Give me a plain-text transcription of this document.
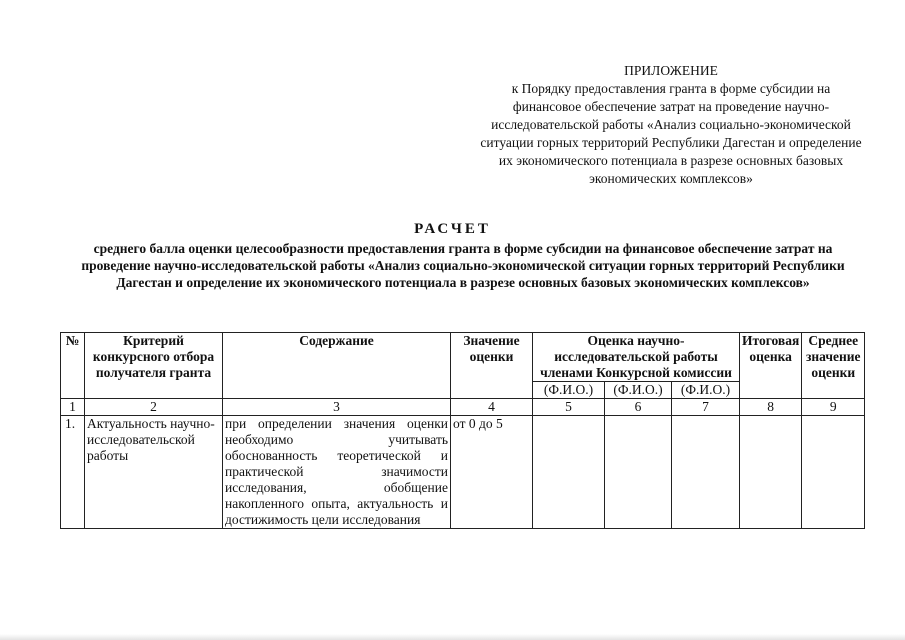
ПРИЛОЖЕНИЕ
к Порядку предоставления гранта в форме субсидии на финансовое обеспечение затрат на проведение научно-исследовательской работы «Анализ социально-экономической ситуации горных территорий Республики Дагестан и определение их экономического потенциала в разрезе основных базовых экономических комплексов»
РАСЧЕТ
среднего балла оценки целесообразности предоставления гранта в форме субсидии на финансовое обеспечение затрат на проведение научно-исследовательской работы «Анализ социально-экономической ситуации горных территорий Республики Дагестан и определение их экономического потенциала в разрезе основных базовых экономических комплексов»
№	Критерий конкурсного отбора получателя гранта	Содержание	Значение оценки	Оценка научно-исследовательской работы членами Конкурсной комиссии			Итоговая оценка	Среднее значение оценки
				(Ф.И.О.)	(Ф.И.О.)	(Ф.И.О.)		
1	2	3	4	5	6	7	8	9
1.	Актуальность научно-исследовательской работы	при определении значения оценки необходимо учитывать обоснованность теоретической и практической значимости исследования, обобщение накопленного опыта, актуальность и достижимость цели исследования	от 0 до 5					
